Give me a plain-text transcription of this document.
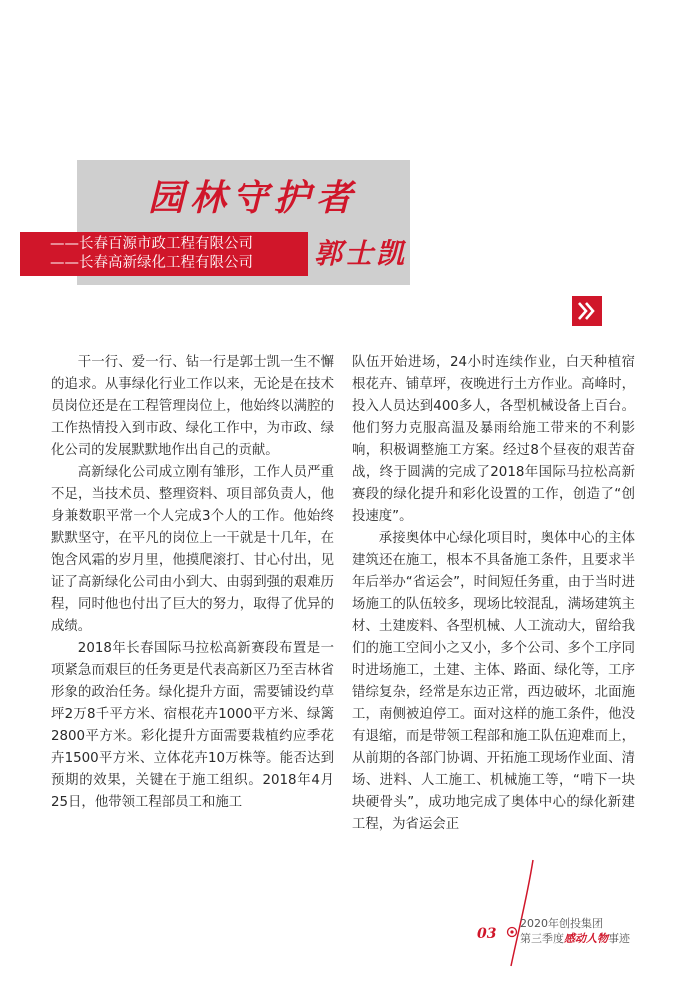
园林守护者
——长春百源市政工程有限公司
——长春高新绿化工程有限公司	郭士凯

干一行、爱一行、钻一行是郭士凯一生不懈的追求。从事绿化行业工作以来，无论是在技术员岗位还是在工程管理岗位上，他始终以满腔的工作热情投入到市政、绿化工作中，为市政、绿化公司的发展默默地作出自己的贡献。

高新绿化公司成立刚有雏形，工作人员严重不足，当技术员、整理资料、项目部负责人，他身兼数职平常一个人完成3个人的工作。他始终默默坚守，在平凡的岗位上一干就是十几年，在饱含风霜的岁月里，他摸爬滚打、甘心付出，见证了高新绿化公司由小到大、由弱到强的艰难历程，同时他也付出了巨大的努力，取得了优异的成绩。

2018年长春国际马拉松高新赛段布置是一项紧急而艰巨的任务更是代表高新区乃至吉林省形象的政治任务。绿化提升方面，需要铺设约草坪2万8千平方米、宿根花卉1000平方米、绿篱2800平方米。彩化提升方面需要栽植约应季花卉1500平方米、立体花卉10万株等。能否达到预期的效果，关键在于施工组织。2018年4月25日，他带领工程部员工和施工

队伍开始进场，24小时连续作业，白天种植宿根花卉、铺草坪，夜晚进行土方作业。高峰时，投入人员达到400多人，各型机械设备上百台。他们努力克服高温及暴雨给施工带来的不利影响，积极调整施工方案。经过8个昼夜的艰苦奋战，终于圆满的完成了2018年国际马拉松高新赛段的绿化提升和彩化设置的工作，创造了“创投速度”。

承接奥体中心绿化项目时，奥体中心的主体建筑还在施工，根本不具备施工条件，且要求半年后举办“省运会”，时间短任务重，由于当时进场施工的队伍较多，现场比较混乱，满场建筑主材、土建废料、各型机械、人工流动大，留给我们的施工空间小之又小，多个公司、多个工序同时进场施工，土建、主体、路面、绿化等，工序错综复杂，经常是东边正常，西边破坏，北面施工，南侧被迫停工。面对这样的施工条件，他没有退缩，而是带领工程部和施工队伍迎难而上，从前期的各部门协调、开拓施工现场作业面、清场、进料、人工施工、机械施工等，“啃下一块块硬骨头”，成功地完成了奥体中心的绿化新建工程，为省运会正

03
2020年创投集团
第三季度感动人物事迹
